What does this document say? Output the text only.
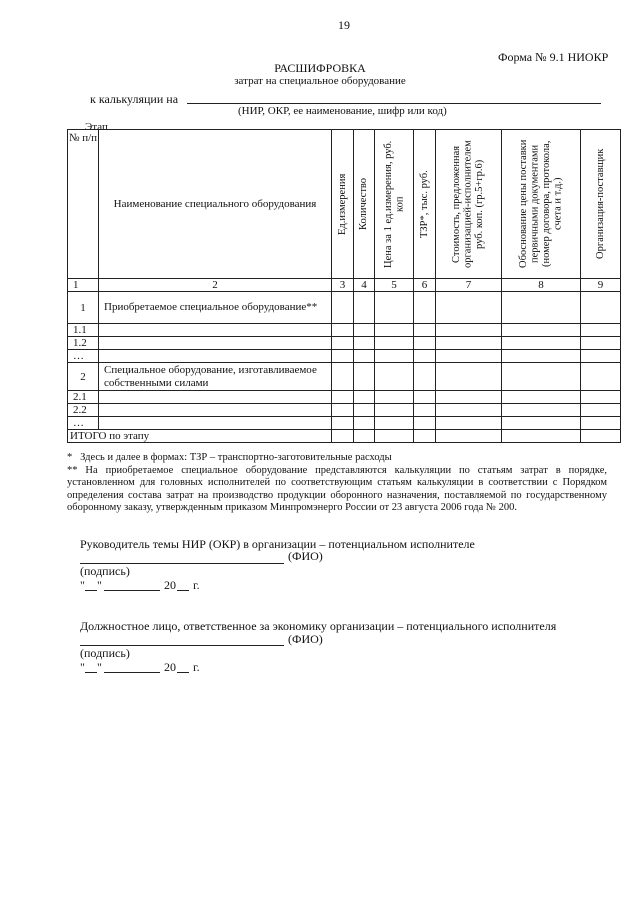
19
Форма № 9.1 НИОКР
РАСШИФРОВКА
затрат на специальное оборудование
к калькуляции на
(НИР, ОКР, ее наименование, шифр или код)
Этап
№ п/п	Наименование специального оборудования	Ед.измерения	Количество	Цена за 1 ед.измерения, руб. коп	ТЗР*, тыс. руб.	Стоимость, предложенная организацией-исполнителем руб. коп. (гр.5+гр.6)	Обоснование цены поставки первичными документами (номер договора, протокола, счета и т.д.)	Организация-поставщик

1	2	3	4	5	6	7	8	9
1	Приобретаемое специальное оборудование**							
1.1								
1.2								
…								
2	Специальное оборудование, изготавливаемое собственными силами							
2.1								
2.2								
…								
ИТОГО по этапу								

*   Здесь и далее в формах: ТЗР – транспортно-заготовительные расходы

** На приобретаемое специальное оборудование представляются калькуляции по статьям затрат в порядке, установленном для головных исполнителей по соответствующим статьям калькуляции в соответствии с Порядком определения состава затрат на производство продукции оборонного назначения, поставляемой по государственному оборонному заказу, утвержденным приказом Минпромэнерго России от 23 августа 2006 года № 200.

Руководитель темы НИР (ОКР) в организации – потенциальном исполнителе
(ФИО)
(подпись)
" "	20 г.
Должностное лицо, ответственное за экономику организации – потенциального исполнителя
(ФИО)
(подпись)
" "	20 г.
